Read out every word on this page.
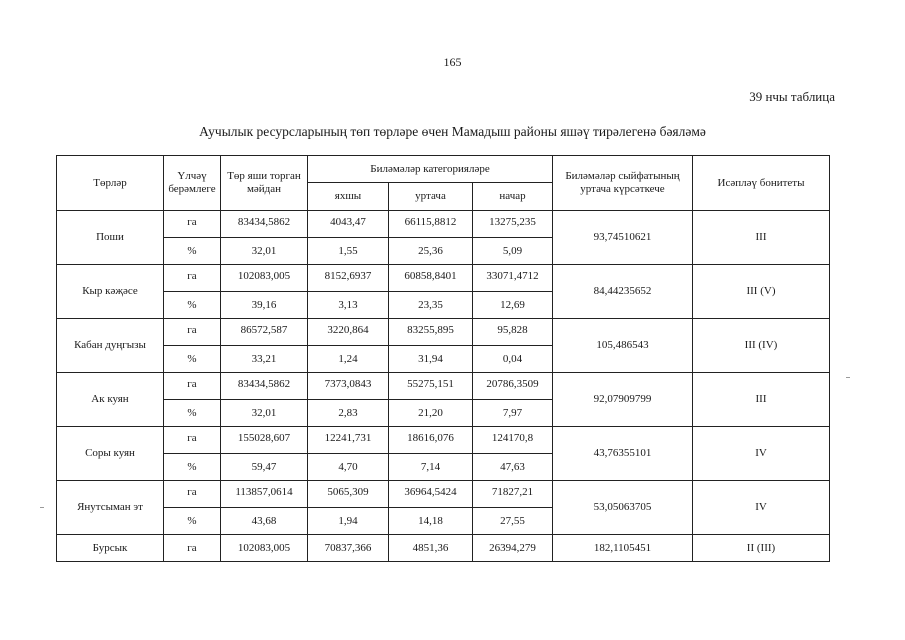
165
39 нчы таблица
Аучылык ресурсларының төп төрләре өчен Мамадыш районы яшәү тирәлегенә бәяләмә
Төрләр	Үлчәү берәмлеге	Төр яши торган мәйдан	Биләмәләр категорияләре			Биләмәләр сыйфатының уртача күрсәткече	Исәпләү бонитеты
			яхшы	уртача	начар		
Поши	га	83434,5862	4043,47	66115,8812	13275,235	93,74510621	III
	%	32,01	1,55	25,36	5,09		
Кыр кәҗәсе	га	102083,005	8152,6937	60858,8401	33071,4712	84,44235652	III (V)
	%	39,16	3,13	23,35	12,69		
Кабан дуңгызы	га	86572,587	3220,864	83255,895	95,828	105,486543	III (IV)
	%	33,21	1,24	31,94	0,04		
Ак куян	га	83434,5862	7373,0843	55275,151	20786,3509	92,07909799	III
	%	32,01	2,83	21,20	7,97		
Соры куян	га	155028,607	12241,731	18616,076	124170,8	43,76355101	IV
	%	59,47	4,70	7,14	47,63		
Янутсыман эт	га	113857,0614	5065,309	36964,5424	71827,21	53,05063705	IV
	%	43,68	1,94	14,18	27,55		
Бурсык	га	102083,005	70837,366	4851,36	26394,279	182,1105451	II (III)
